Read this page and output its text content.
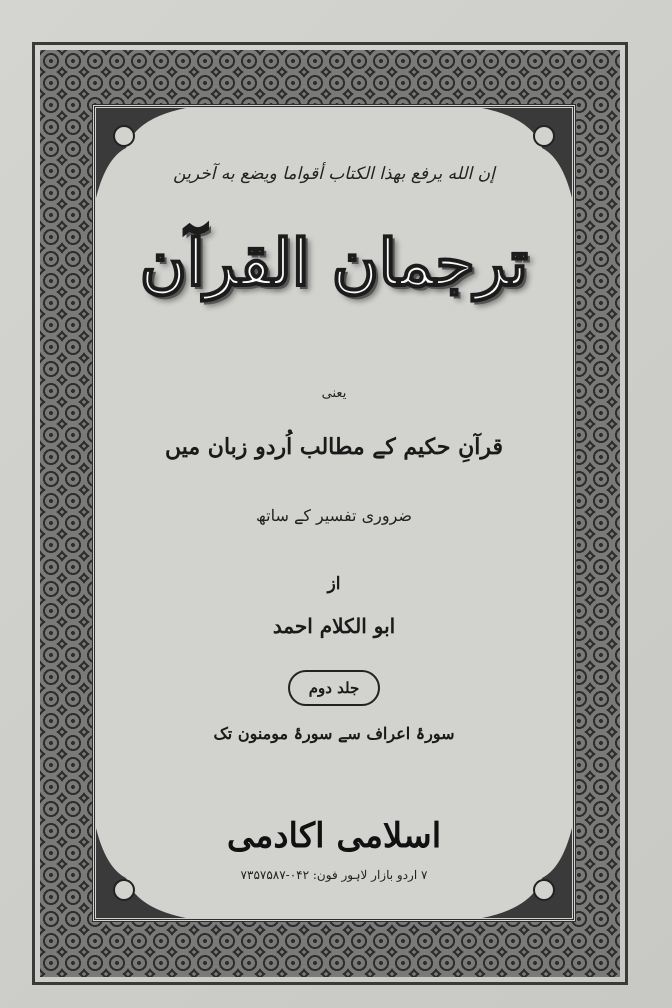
إن الله يرفع بهذا الكتاب أقواما ويضع به آخرين
ترجمان القرآن
یعنی
قرآنِ حکیم کے مطالب اُردو زبان میں
ضروری تفسیر کے ساتھ
از
ابو الکلام احمد
جلد دوم
سورۂ اعراف سے سورۂ مومنون تک
اسلامی اکادمی
۷ اردو بازار لاہور فون: ۰۴۲-۷۳۵۷۵۸۷
